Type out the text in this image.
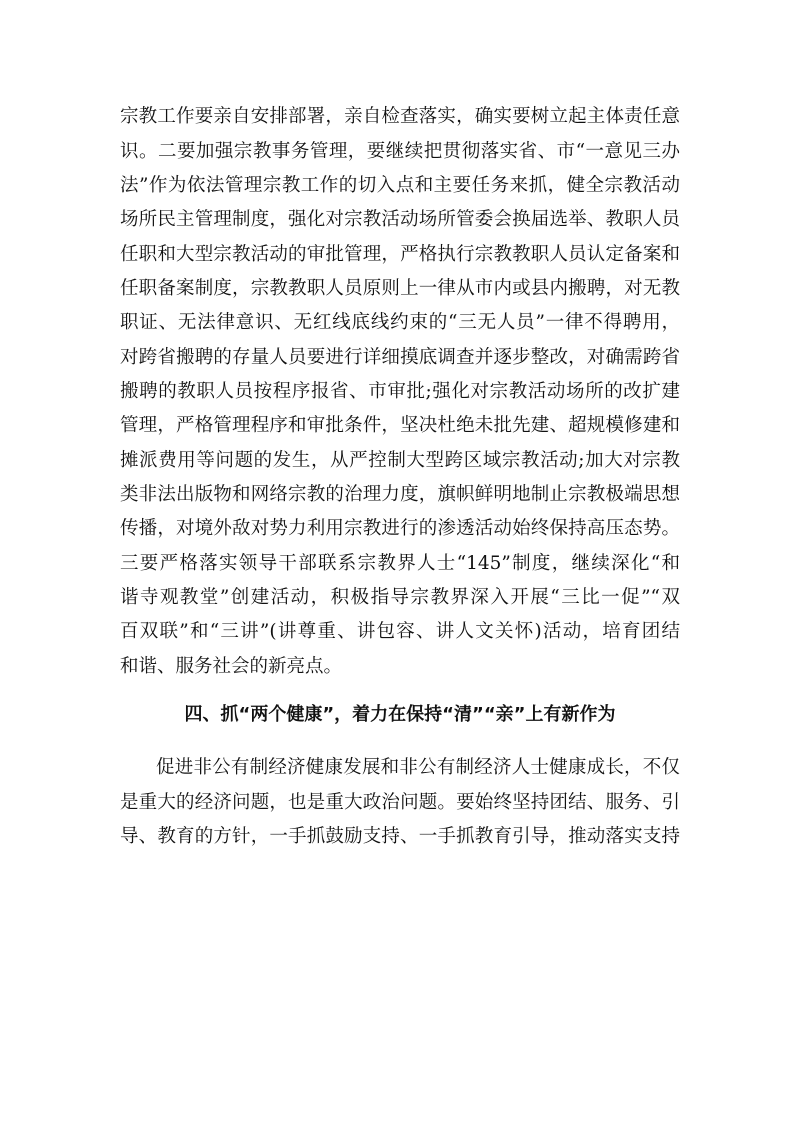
宗教工作要亲自安排部署，亲自检查落实，确实要树立起主体责任意
识。二要加强宗教事务管理，要继续把贯彻落实省、市“一意见三办
法”作为依法管理宗教工作的切入点和主要任务来抓，健全宗教活动
场所民主管理制度，强化对宗教活动场所管委会换届选举、教职人员
任职和大型宗教活动的审批管理，严格执行宗教教职人员认定备案和
任职备案制度，宗教教职人员原则上一律从市内或县内搬聘，对无教
职证、无法律意识、无红线底线约束的“三无人员”一律不得聘用，
对跨省搬聘的存量人员要进行详细摸底调查并逐步整改，对确需跨省
搬聘的教职人员按程序报省、市审批;强化对宗教活动场所的改扩建
管理，严格管理程序和审批条件，坚决杜绝未批先建、超规模修建和
摊派费用等问题的发生，从严控制大型跨区域宗教活动;加大对宗教
类非法出版物和网络宗教的治理力度，旗帜鲜明地制止宗教极端思想
传播，对境外敌对势力利用宗教进行的渗透活动始终保持高压态势。
三要严格落实领导干部联系宗教界人士“145”制度，继续深化“和
谐寺观教堂”创建活动，积极指导宗教界深入开展“三比一促”“双
百双联”和“三讲”(讲尊重、讲包容、讲人文关怀)活动，培育团结
和谐、服务社会的新亮点。
四、抓“两个健康”，着力在保持“清”“亲”上有新作为
促进非公有制经济健康发展和非公有制经济人士健康成长，不仅
是重大的经济问题，也是重大政治问题。要始终坚持团结、服务、引
导、教育的方针，一手抓鼓励支持、一手抓教育引导，推动落实支持
